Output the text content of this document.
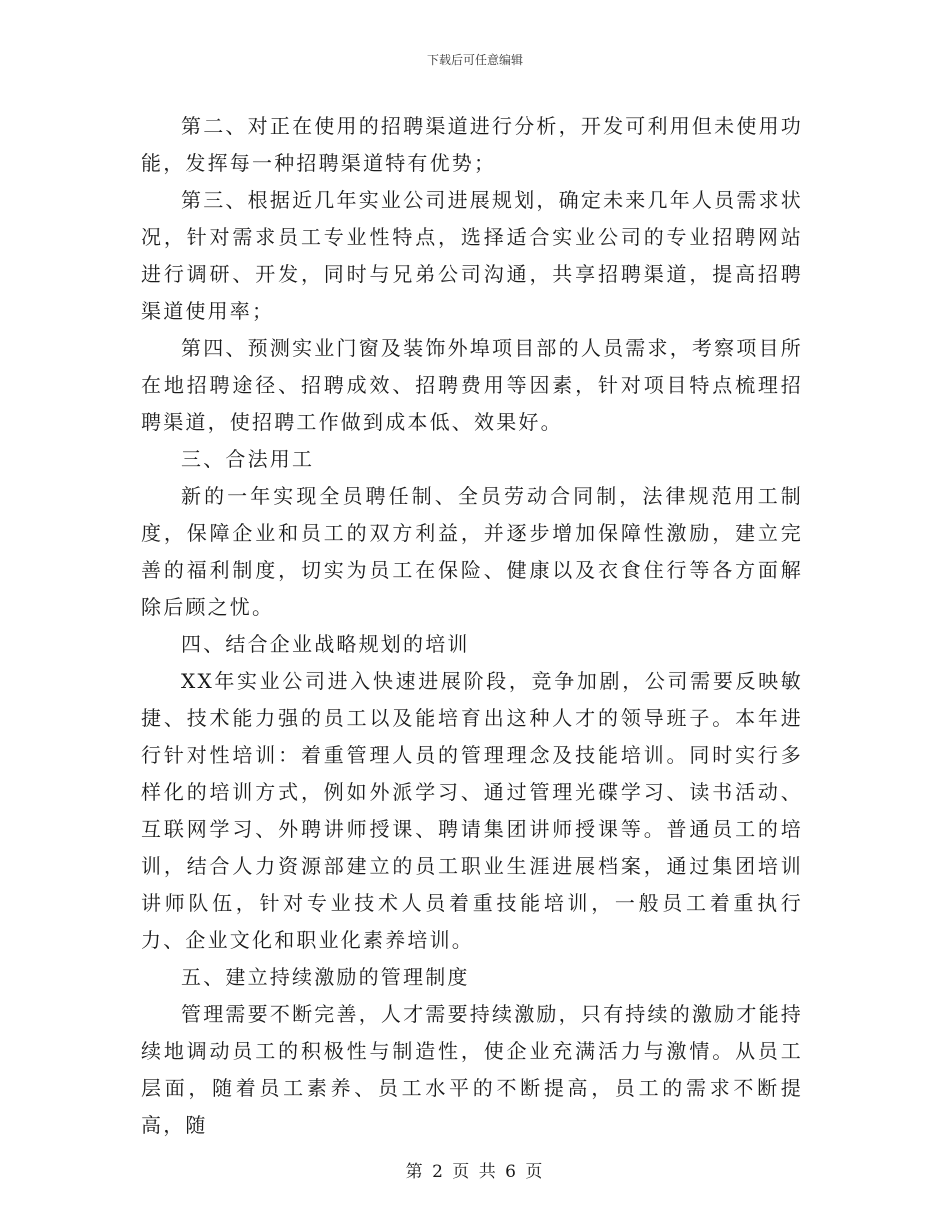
下载后可任意编辑

第二、对正在使用的招聘渠道进行分析，开发可利用但未使用功能，发挥每一种招聘渠道特有优势；

第三、根据近几年实业公司进展规划，确定未来几年人员需求状况，针对需求员工专业性特点，选择适合实业公司的专业招聘网站进行调研、开发，同时与兄弟公司沟通，共享招聘渠道，提高招聘渠道使用率；

第四、预测实业门窗及装饰外埠项目部的人员需求，考察项目所在地招聘途径、招聘成效、招聘费用等因素，针对项目特点梳理招聘渠道，使招聘工作做到成本低、效果好。

三、合法用工

新的一年实现全员聘任制、全员劳动合同制，法律规范用工制度，保障企业和员工的双方利益，并逐步增加保障性激励，建立完善的福利制度，切实为员工在保险、健康以及衣食住行等各方面解除后顾之忧。

四、结合企业战略规划的培训

XX年实业公司进入快速进展阶段，竞争加剧，公司需要反映敏捷、技术能力强的员工以及能培育出这种人才的领导班子。本年进行针对性培训：着重管理人员的管理理念及技能培训。同时实行多样化的培训方式，例如外派学习、通过管理光碟学习、读书活动、互联网学习、外聘讲师授课、聘请集团讲师授课等。普通员工的培训，结合人力资源部建立的员工职业生涯进展档案，通过集团培训讲师队伍，针对专业技术人员着重技能培训，一般员工着重执行力、企业文化和职业化素养培训。

五、建立持续激励的管理制度

管理需要不断完善，人才需要持续激励，只有持续的激励才能持续地调动员工的积极性与制造性，使企业充满活力与激情。从员工层面，随着员工素养、员工水平的不断提高，员工的需求不断提高，随

第 2 页 共 6 页
